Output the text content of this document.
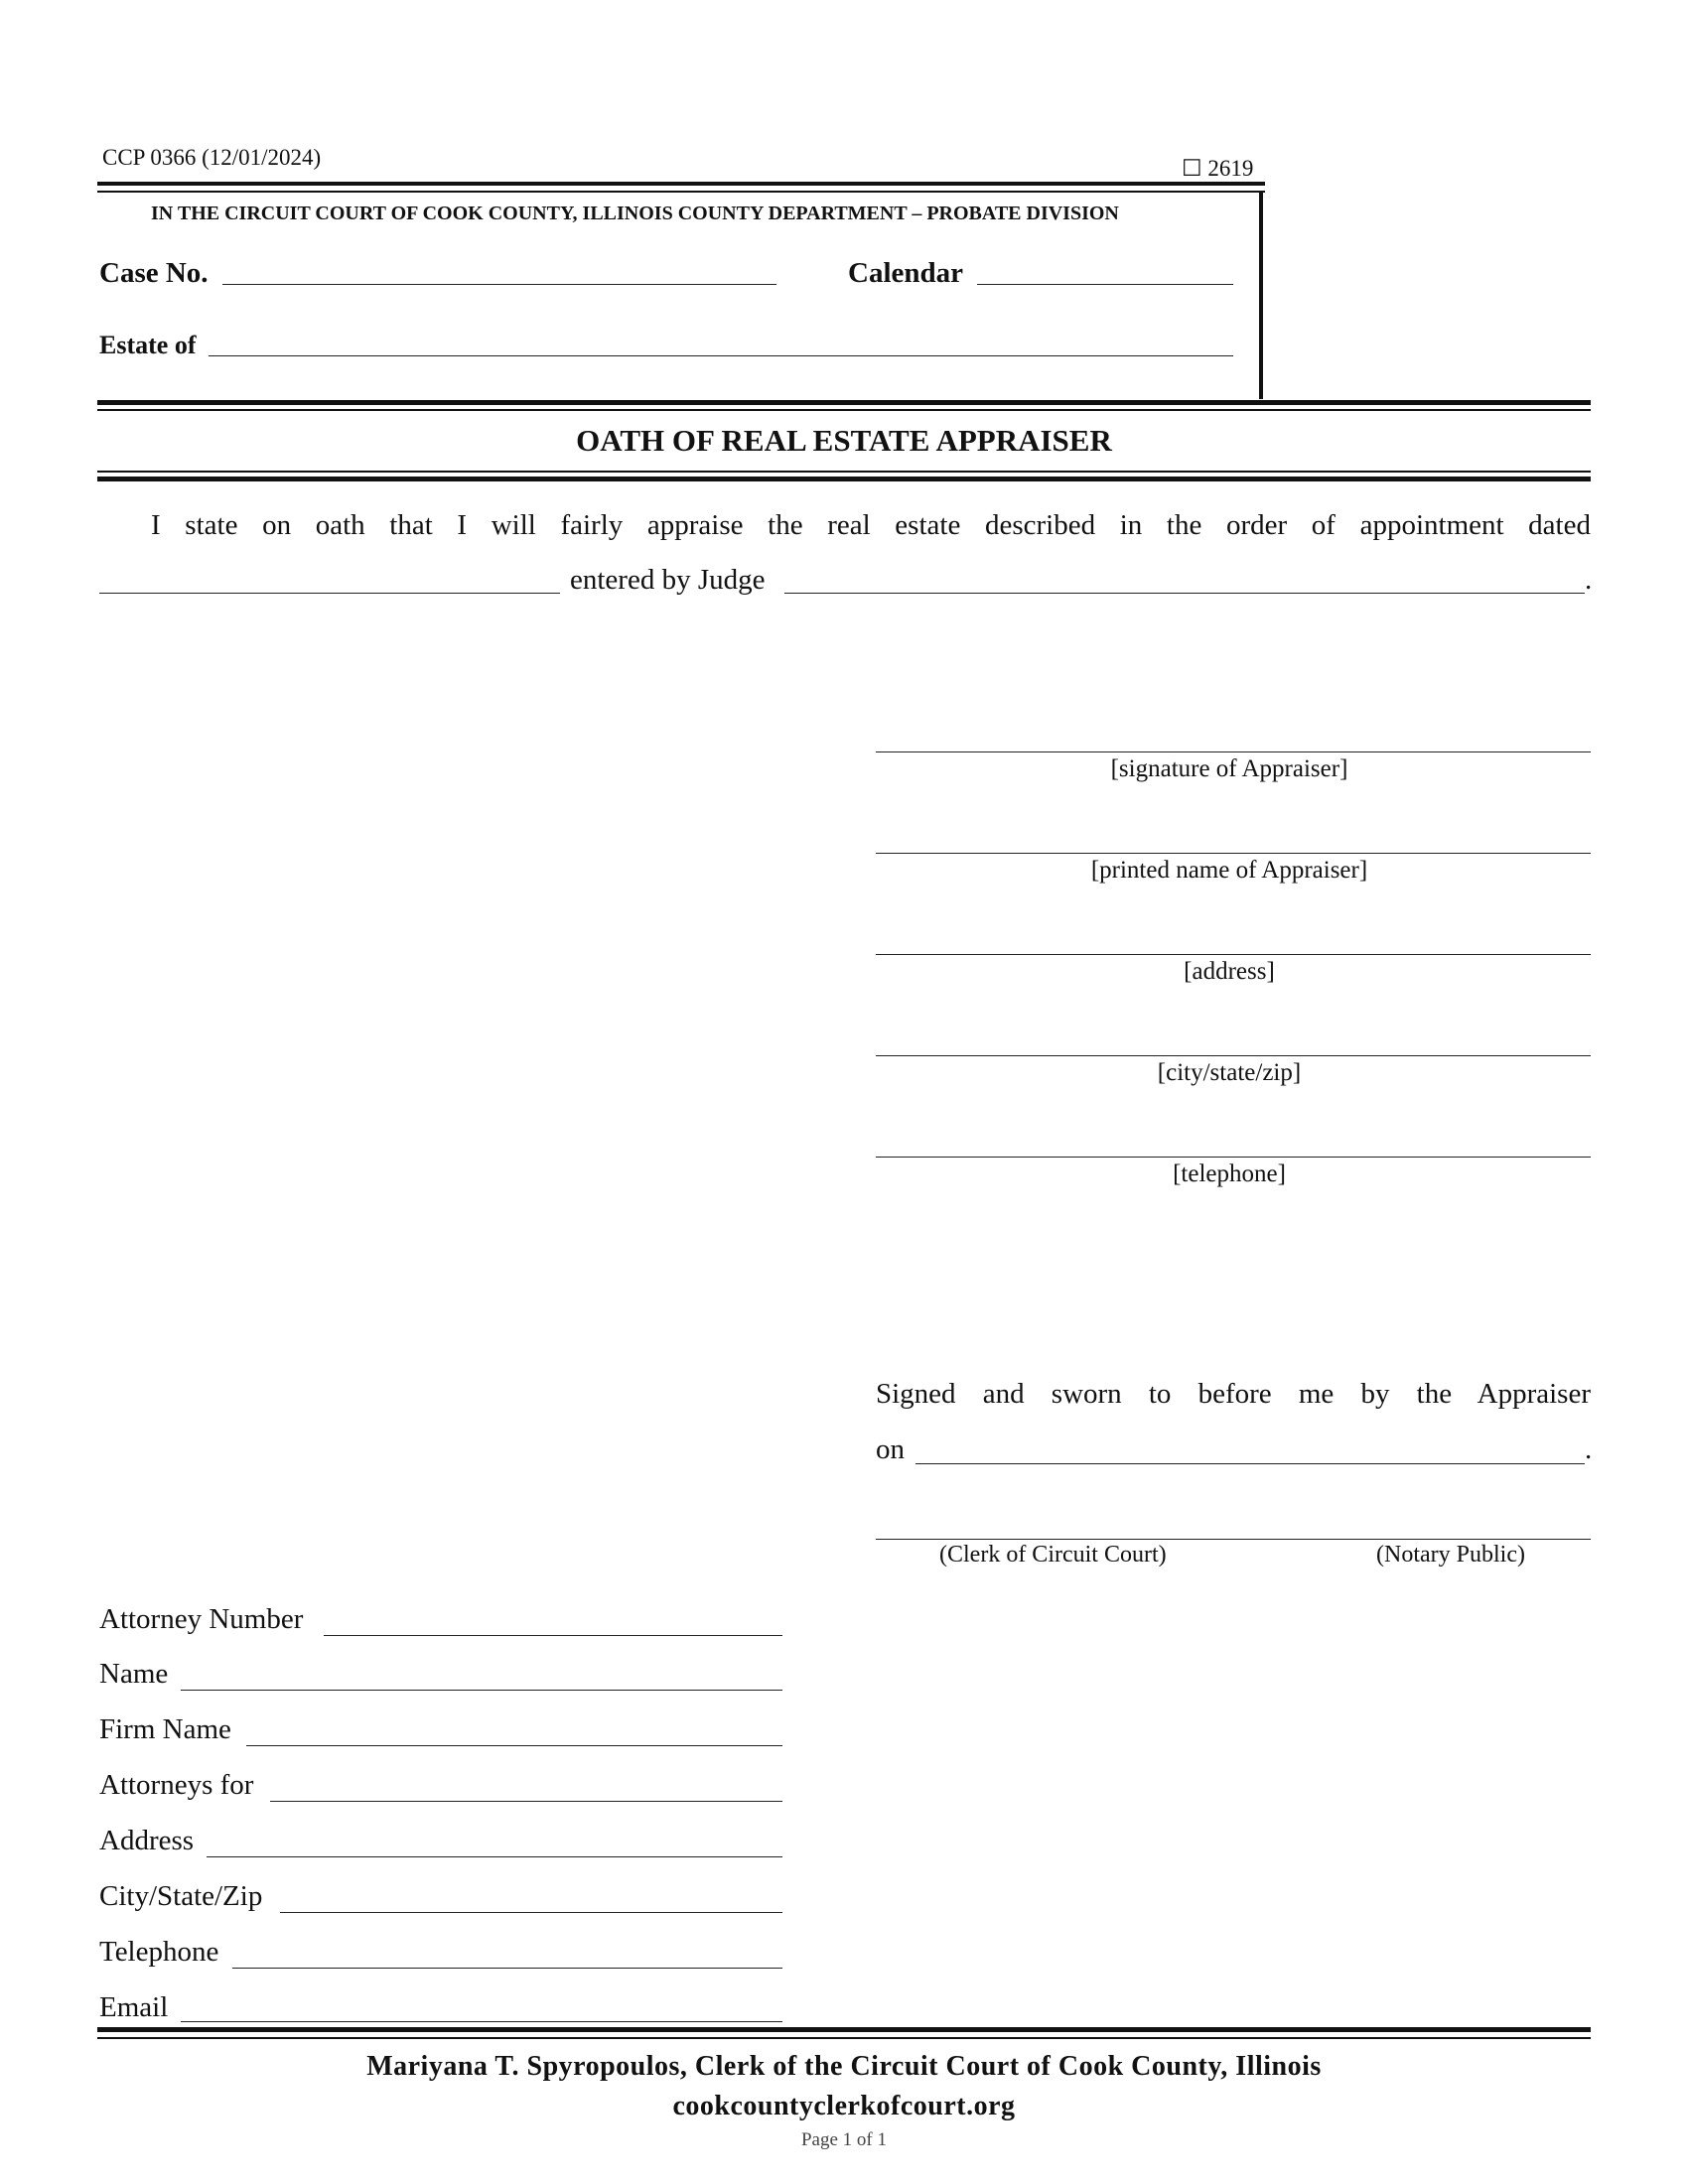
CCP 0366 (12/01/2024)	☐ 2619
IN THE CIRCUIT COURT OF COOK COUNTY, ILLINOIS COUNTY DEPARTMENT – PROBATE DIVISION
Case No.	Calendar
Estate of
OATH OF REAL ESTATE APPRAISER
I state on oath that I will fairly appraise the real estate described in the order of appointment dated
entered by Judge	.
[signature of Appraiser]
[printed name of Appraiser]
[address]
[city/state/zip]
[telephone]
Signed and sworn to before me by the Appraiser
on	.
(Clerk of Circuit Court)	(Notary Public)
Attorney Number
Name
Firm Name
Attorneys for
Address
City/State/Zip
Telephone
Email
Mariyana T. Spyropoulos, Clerk of the Circuit Court of Cook County, Illinois
cookcountyclerkofcourt.org
Page 1 of 1
